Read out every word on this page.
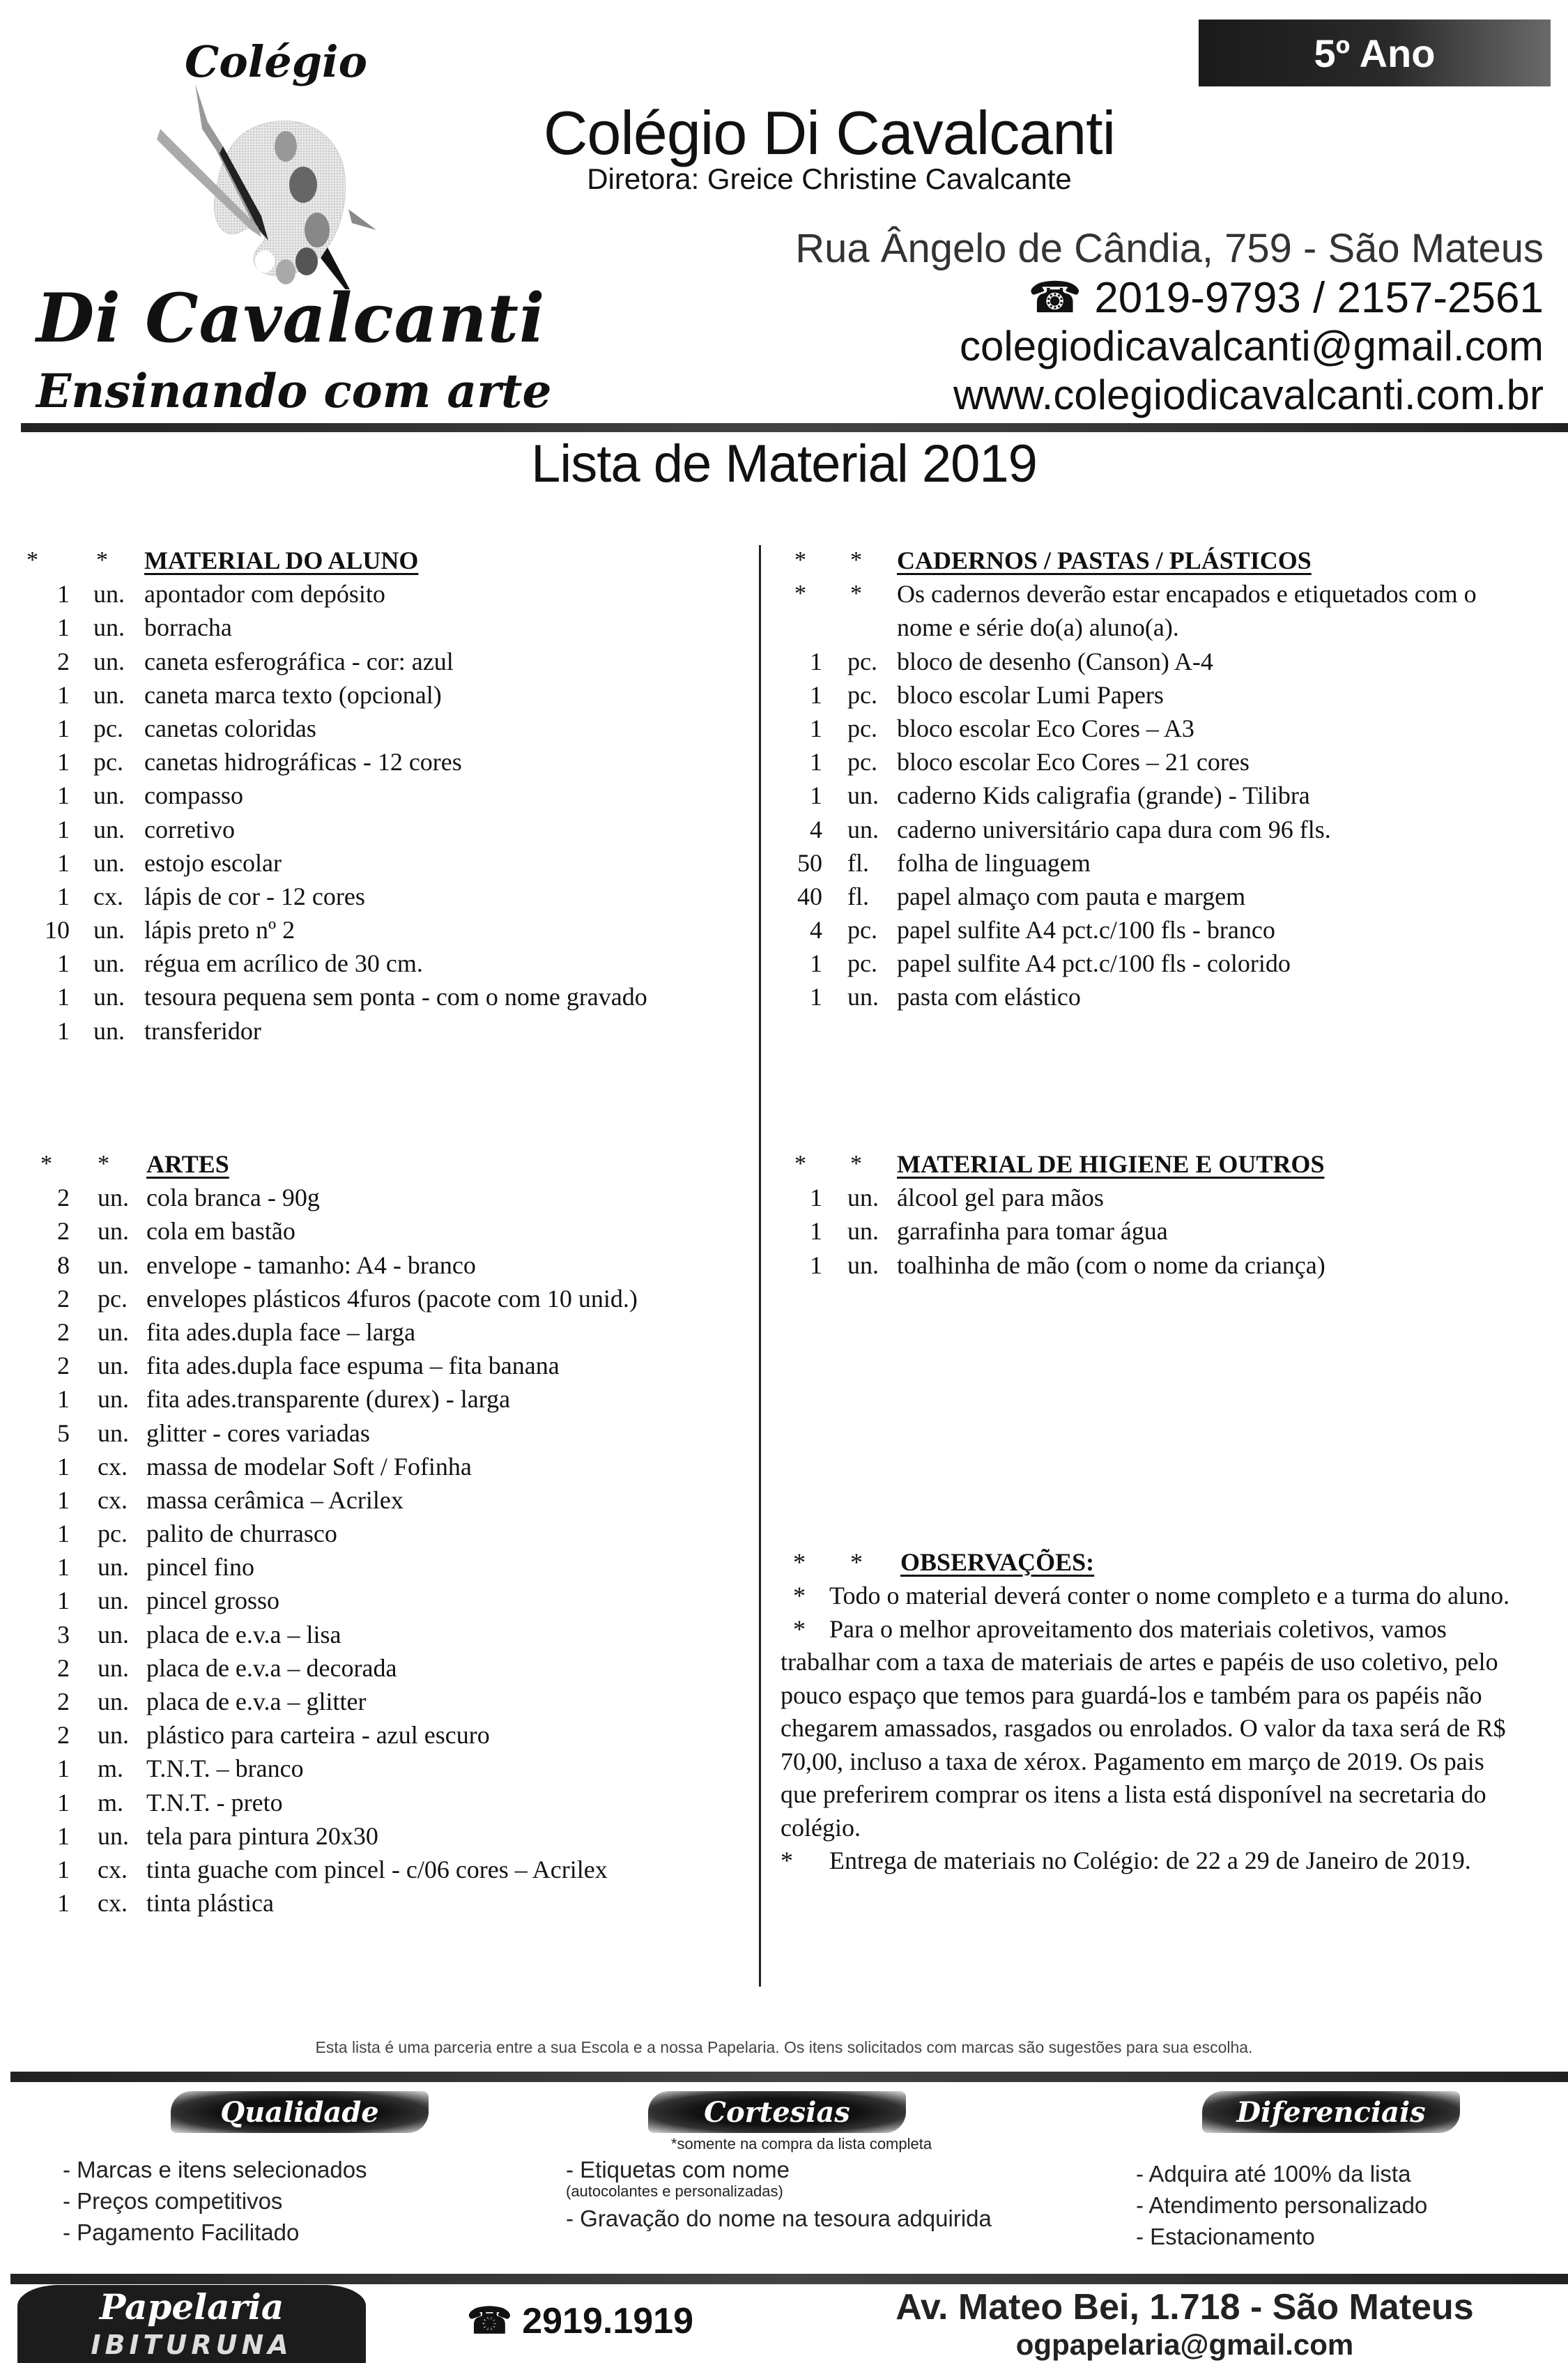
5º Ano
Colégio
Di Cavalcanti
Ensinando com arte
Colégio Di Cavalcanti
Diretora: Greice Christine Cavalcante
Rua Ângelo de Cândia, 759 - São Mateus
☎ 2019-9793 / 2157-2561
colegiodicavalcanti@gmail.com
www.colegiodicavalcanti.com.br
Lista de Material 2019
* * MATERIAL DO ALUNO
1 un. apontador com depósito
1 un. borracha
2 un. caneta esferográfica - cor: azul
1 un. caneta marca texto (opcional)
1 pc. canetas coloridas
1 pc. canetas hidrográficas - 12 cores
1 un. compasso
1 un. corretivo
1 un. estojo escolar
1 cx. lápis de cor - 12 cores
10 un. lápis preto nº 2
1 un. régua em acrílico de 30 cm.
1 un. tesoura pequena sem ponta - com o nome gravado
1 un. transferidor
* * ARTES
2 un. cola branca - 90g
2 un. cola em bastão
8 un. envelope - tamanho: A4 - branco
2 pc. envelopes plásticos 4furos (pacote com 10 unid.)
2 un. fita ades.dupla face – larga
2 un. fita ades.dupla face espuma – fita banana
1 un. fita ades.transparente (durex) - larga
5 un. glitter - cores variadas
1 cx. massa de modelar Soft / Fofinha
1 cx. massa cerâmica – Acrilex
1 pc. palito de churrasco
1 un. pincel fino
1 un. pincel grosso
3 un. placa de e.v.a – lisa
2 un. placa de e.v.a – decorada
2 un. placa de e.v.a – glitter
2 un. plástico para carteira - azul escuro
1 m. T.N.T. – branco
1 m. T.N.T. - preto
1 un. tela para pintura 20x30
1 cx. tinta guache com pincel - c/06 cores – Acrilex
1 cx. tinta plástica
* * CADERNOS / PASTAS / PLÁSTICOS
* * Os cadernos deverão estar encapados e etiquetados com o nome e série do(a) aluno(a).
1 pc. bloco de desenho (Canson) A-4
1 pc. bloco escolar Lumi Papers
1 pc. bloco escolar Eco Cores – A3
1 pc. bloco escolar Eco Cores – 21 cores
1 un. caderno Kids caligrafia (grande) - Tilibra
4 un. caderno universitário capa dura com 96 fls.
50 fl. folha de linguagem
40 fl. papel almaço com pauta e margem
4 pc. papel sulfite A4 pct.c/100 fls - branco
1 pc. papel sulfite A4 pct.c/100 fls - colorido
1 un. pasta com elástico
* * MATERIAL DE HIGIENE E OUTROS
1 un. álcool gel para mãos
1 un. garrafinha para tomar água
1 un. toalhinha de mão (com o nome da criança)
* * OBSERVAÇÕES:

* Todo o material deverá conter o nome completo e a turma do aluno.

* Para o melhor aproveitamento dos materiais coletivos, vamos trabalhar com a taxa de materiais de artes e papéis de uso coletivo, pelo pouco espaço que temos para guardá-los e também para os papéis não chegarem amassados, rasgados ou enrolados. O valor da taxa será de R$ 70,00, incluso a taxa de xérox. Pagamento em março de 2019. Os pais que preferirem comprar os itens a lista está disponível na secretaria do colégio.

* Entrega de materiais no Colégio: de 22 a 29 de Janeiro de 2019.

Esta lista é uma parceria entre a sua Escola e a nossa Papelaria. Os itens solicitados com marcas são sugestões para sua escolha.
Qualidade	Cortesias	Diferenciais
*somente na compra da lista completa
- Marcas e itens selecionados
- Preços competitivos
- Pagamento Facilitado
- Etiquetas com nome
(autocolantes e personalizadas)
- Gravação do nome na tesoura adquirida
- Adquira até 100% da lista
- Atendimento personalizado
- Estacionamento
Papelaria
IBITURUNA
☎ 2919.1919	Av. Mateo Bei, 1.718 - São Mateus
ogpapelaria@gmail.com
